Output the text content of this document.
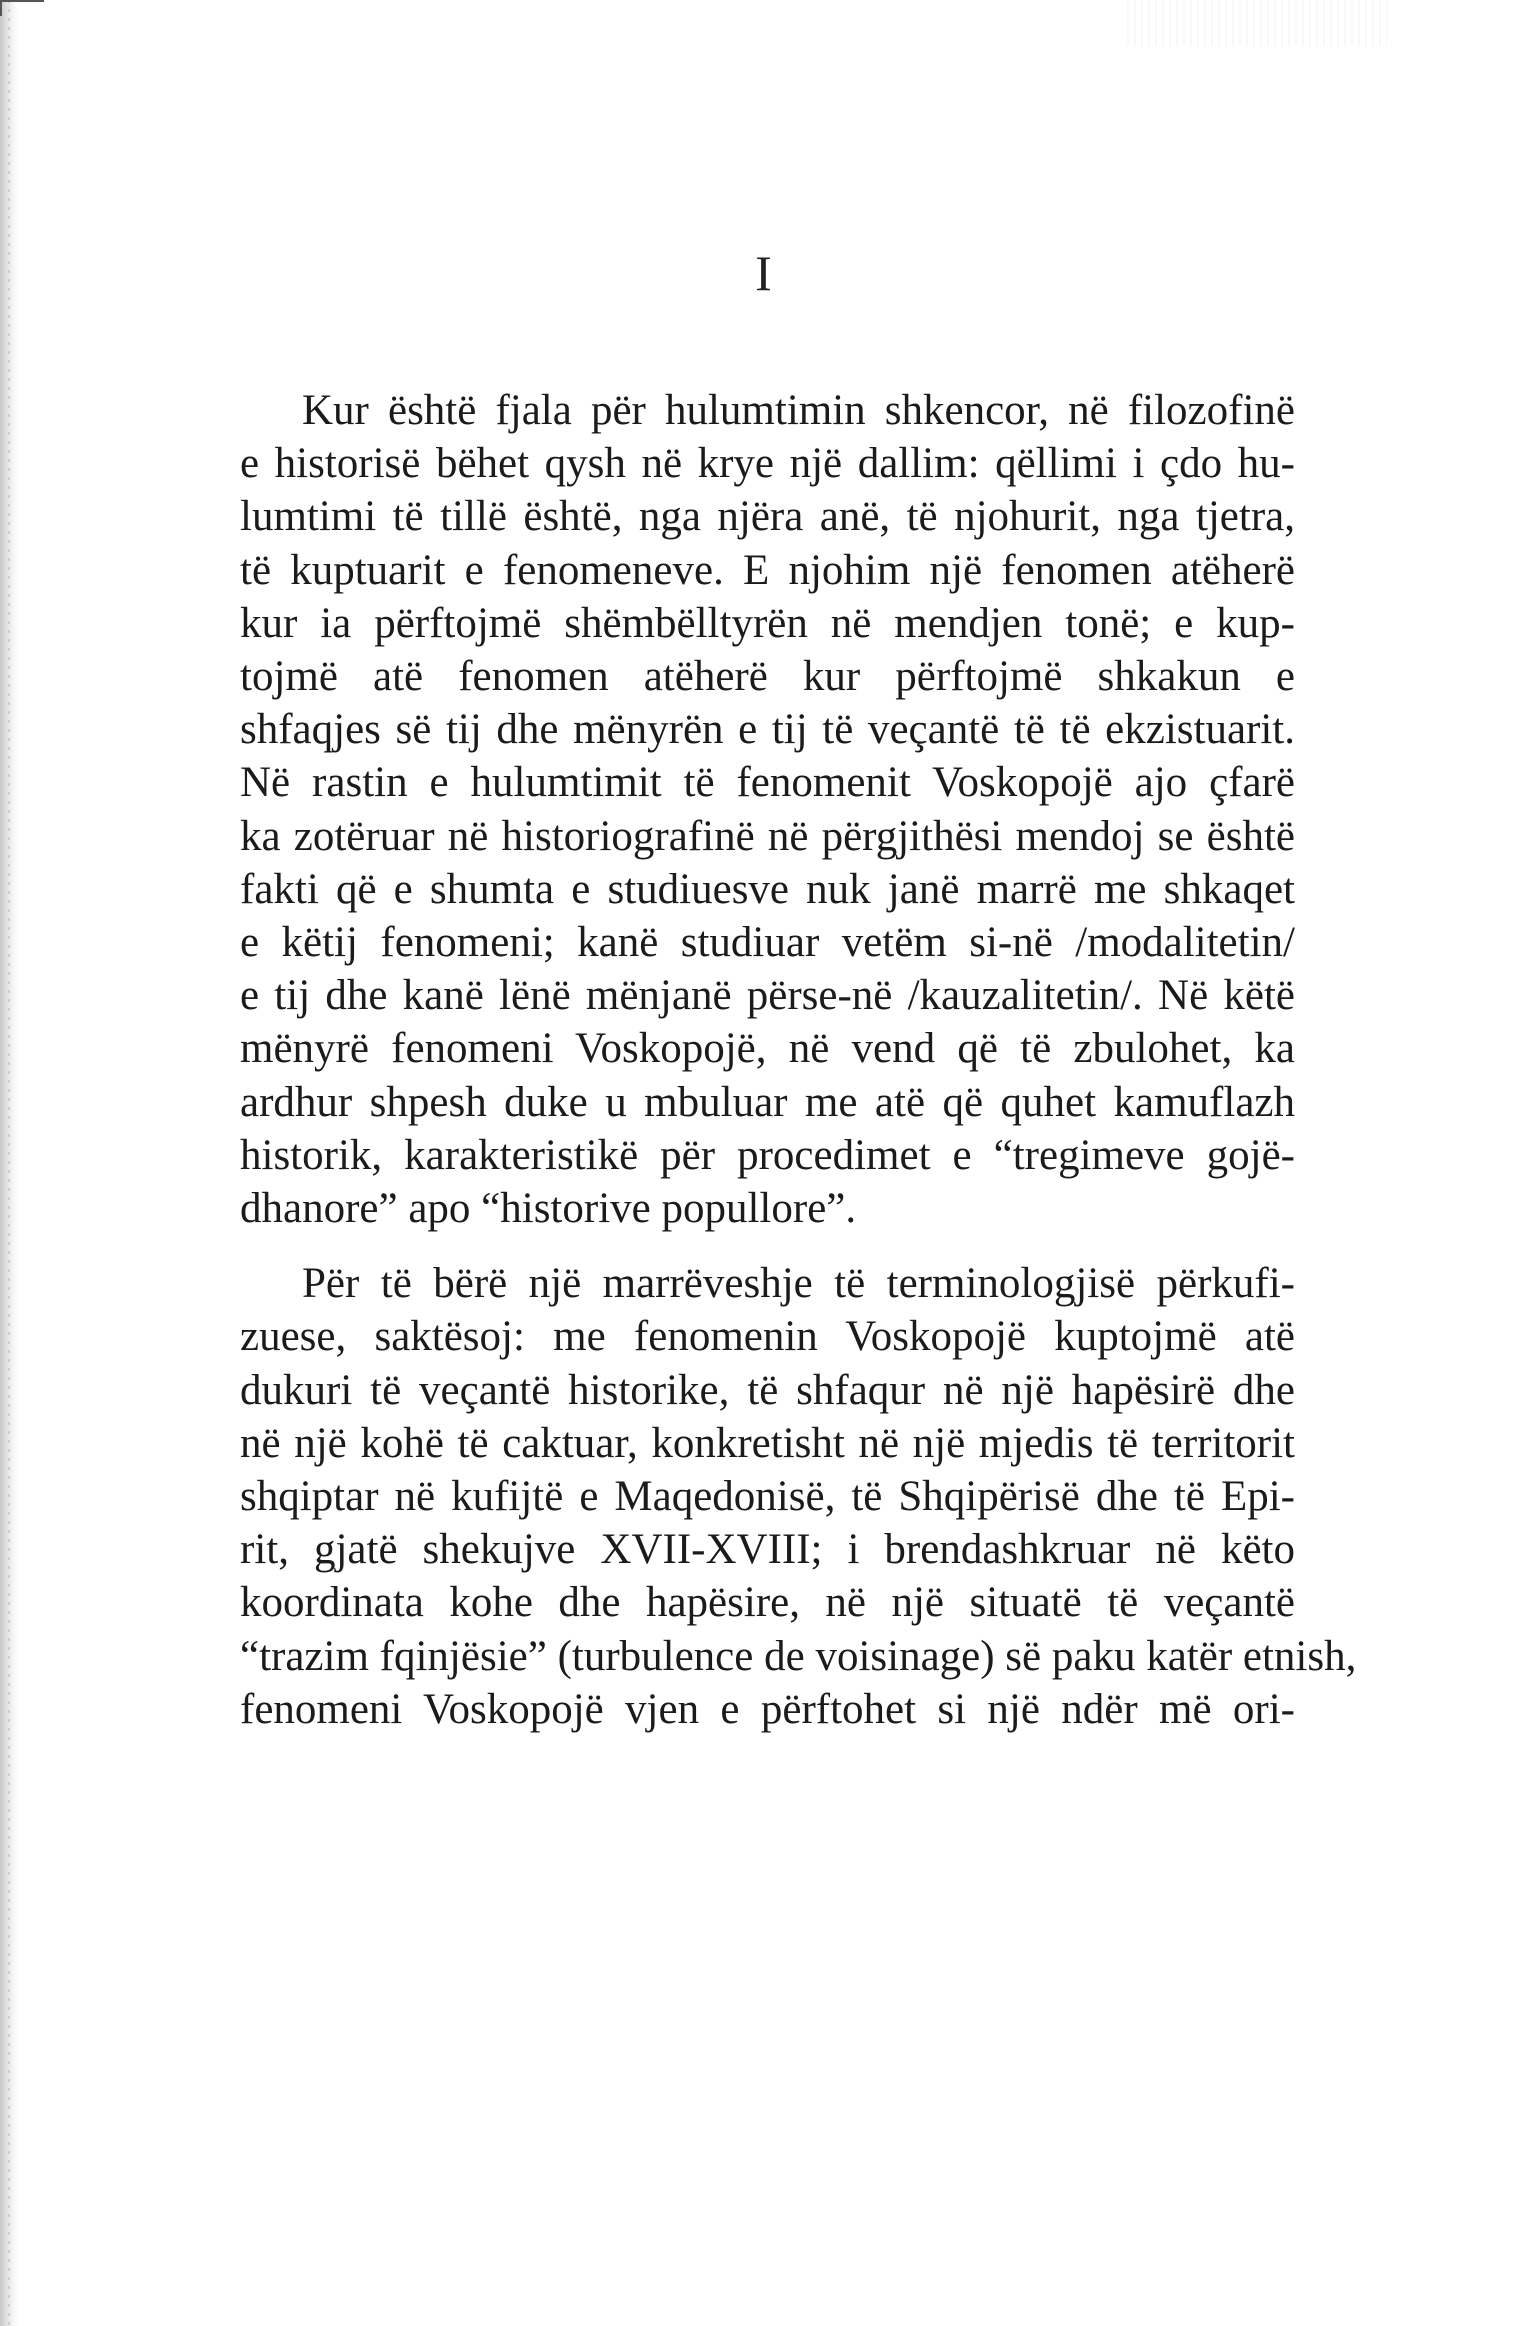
I

Kur është fjala për hulumtimin shkencor, në filozofinë
e historisë bëhet qysh në krye një dallim: qëllimi i çdo hu-
lumtimi të tillë është, nga njëra anë, të njohurit, nga tjetra,
të kuptuarit e fenomeneve. E njohim një fenomen atëherë
kur ia përftojmë shëmbëlltyrën në mendjen tonë; e kup-
tojmë atë fenomen atëherë kur përftojmë shkakun e
shfaqjes së tij dhe mënyrën e tij të veçantë të të ekzistuarit.
Në rastin e hulumtimit të fenomenit Voskopojë ajo çfarë
ka zotëruar në historiografinë në përgjithësi mendoj se është
fakti që e shumta e studiuesve nuk janë marrë me shkaqet
e këtij fenomeni; kanë studiuar vetëm si-në /modalitetin/
e tij dhe kanë lënë mënjanë përse-në /kauzalitetin/. Në këtë
mënyrë fenomeni Voskopojë, në vend që të zbulohet, ka
ardhur shpesh duke u mbuluar me atë që quhet kamuflazh
historik, karakteristikë për procedimet e “tregimeve gojë-
dhanore” apo “historive popullore”.

Për të bërë një marrëveshje të terminologjisë përkufi-
zuese, saktësoj: me fenomenin Voskopojë kuptojmë atë
dukuri të veçantë historike, të shfaqur në një hapësirë dhe
në një kohë të caktuar, konkretisht në një mjedis të territorit
shqiptar në kufijtë e Maqedonisë, të Shqipërisë dhe të Epi-
rit, gjatë shekujve XVII-XVIII; i brendashkruar në këto
koordinata kohe dhe hapësire, në një situatë të veçantë
“trazim fqinjësie” (turbulence de voisinage) së paku katër etnish,
fenomeni Voskopojë vjen e përftohet si një ndër më ori-
